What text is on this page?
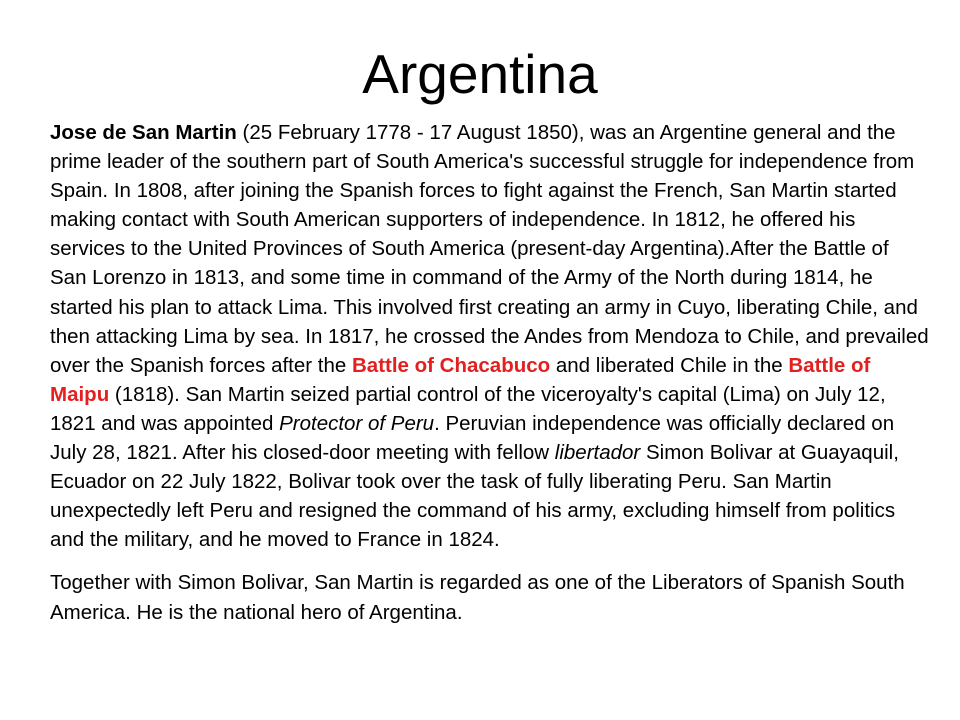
Argentina

Jose de San Martin (25 February 1778 - 17 August 1850), was an Argentine general and the prime leader of the southern part of South America's successful struggle for independence from Spain. In 1808, after joining the Spanish forces to fight against the French, San Martin started making contact with South American supporters of independence. In 1812, he offered his services to the United Provinces of South America (present-day Argentina).After the Battle of San Lorenzo in 1813, and some time in command of the Army of the North during 1814, he started his plan to attack Lima. This involved first creating an army in Cuyo, liberating Chile, and then attacking Lima by sea. In 1817, he crossed the Andes from Mendoza to Chile, and prevailed over the Spanish forces after the Battle of Chacabuco and liberated Chile in the Battle of Maipu (1818). San Martin seized partial control of the viceroyalty's capital (Lima) on July 12, 1821 and was appointed Protector of Peru. Peruvian independence was officially declared on July 28, 1821. After his closed-door meeting with fellow libertador Simon Bolivar at Guayaquil, Ecuador on 22 July 1822, Bolivar took over the task of fully liberating Peru. San Martin unexpectedly left Peru and resigned the command of his army, excluding himself from politics and the military, and he moved to France in 1824.

Together with Simon Bolivar, San Martin is regarded as one of the Liberators of Spanish South America. He is the national hero of Argentina.
